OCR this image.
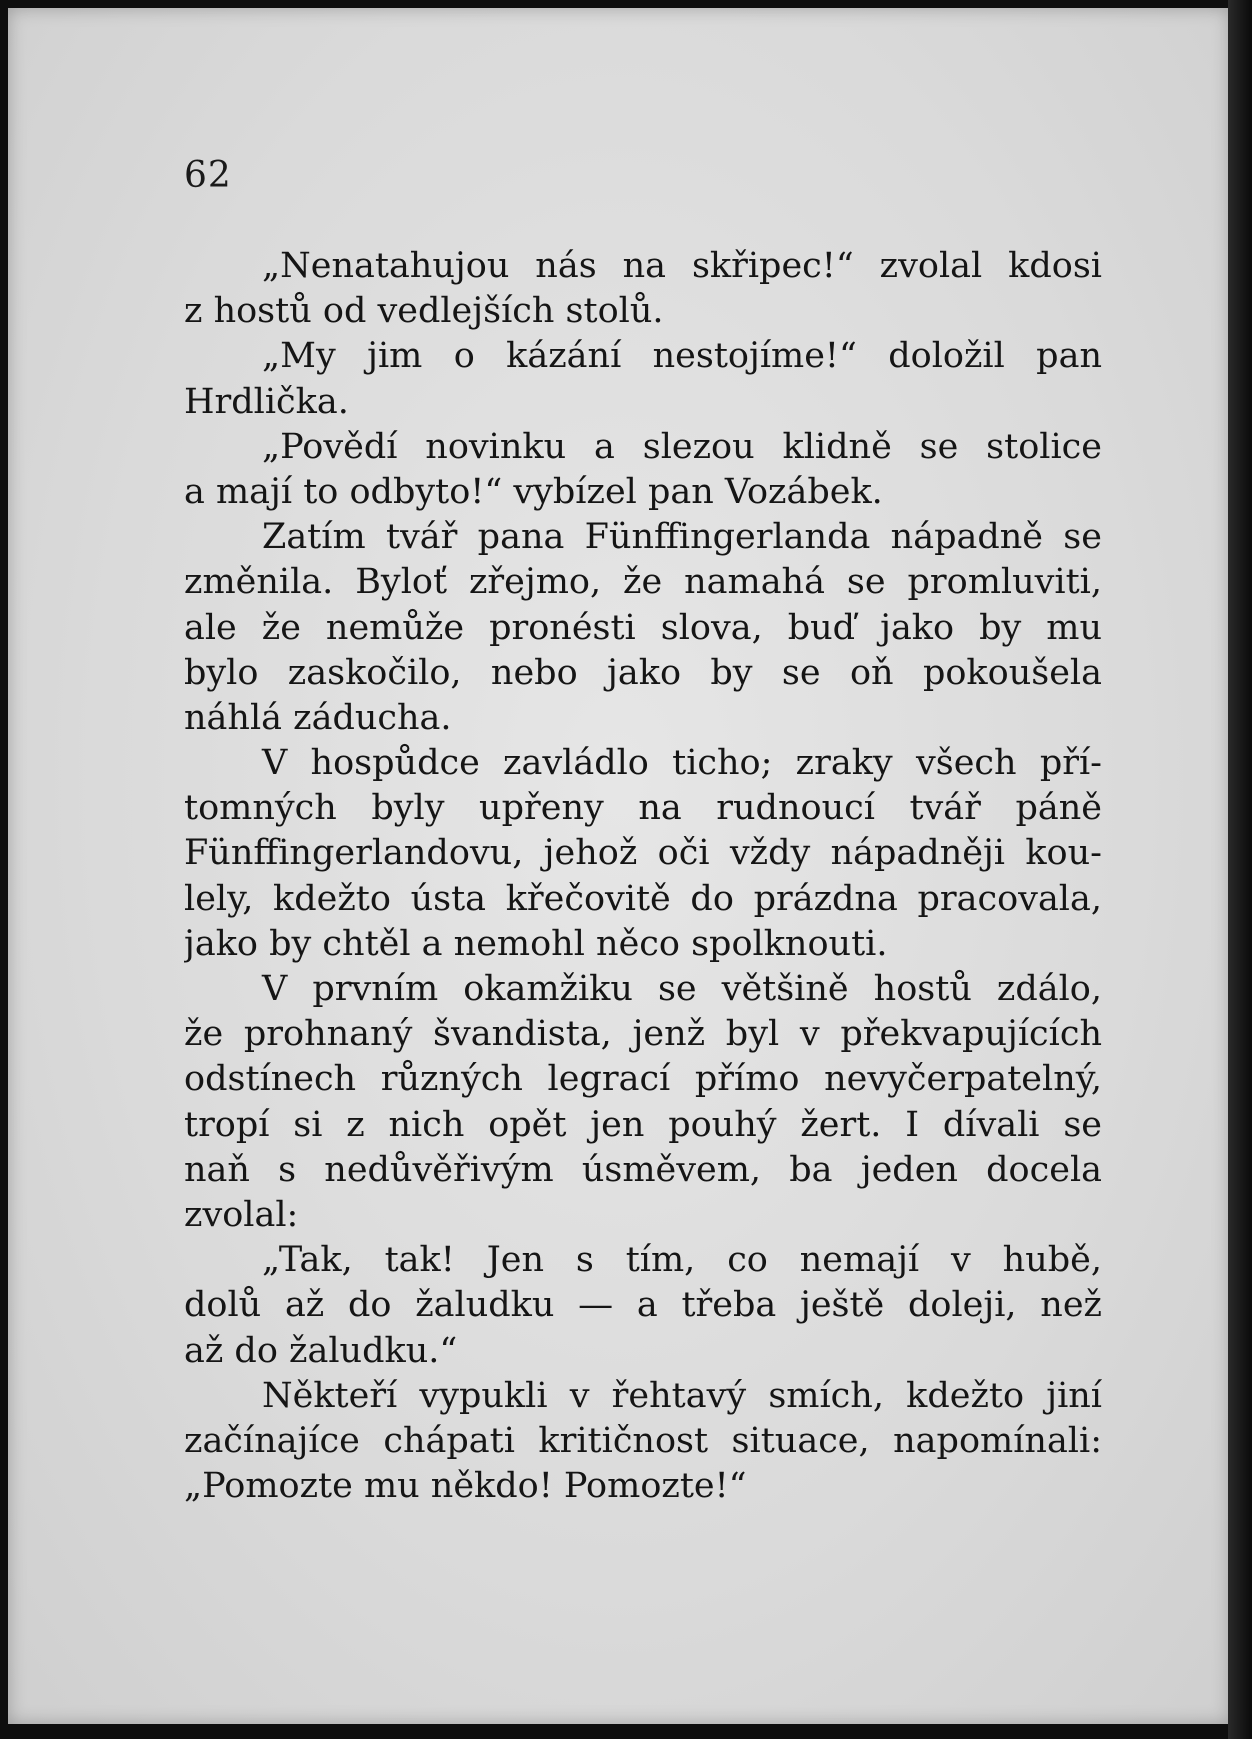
62
„Nenatahujou nás na skřipec!“ zvolal kdosi
z hostů od vedlejších stolů.
„My jim o kázání nestojíme!“ doložil pan
Hrdlička.
„Povědí novinku a slezou klidně se stolice
a mají to odbyto!“ vybízel pan Vozábek.
Zatím tvář pana Fünffingerlanda nápadně se
změnila. Byloť zřejmo, že namahá se promluviti,
ale že nemůže pronésti slova, buď jako by mu
bylo zaskočilo, nebo jako by se oň pokoušela
náhlá záducha.
V hospůdce zavládlo ticho; zraky všech pří-
tomných byly upřeny na rudnoucí tvář páně
Fünffingerlandovu, jehož oči vždy nápadněji kou-
lely, kdežto ústa křečovitě do prázdna pracovala,
jako by chtěl a nemohl něco spolknouti.
V prvním okamžiku se většině hostů zdálo,
že prohnaný švandista, jenž byl v překvapujících
odstínech různých legrací přímo nevyčerpatelný,
tropí si z nich opět jen pouhý žert. I dívali se
naň s nedůvěřivým úsměvem, ba jeden docela
zvolal:
„Tak, tak! Jen s tím, co nemají v hubě,
dolů až do žaludku — a třeba ještě doleji, než
až do žaludku.“
Někteří vypukli v řehtavý smích, kdežto jiní
začínajíce chápati kritičnost situace, napomínali:
„Pomozte mu někdo! Pomozte!“
